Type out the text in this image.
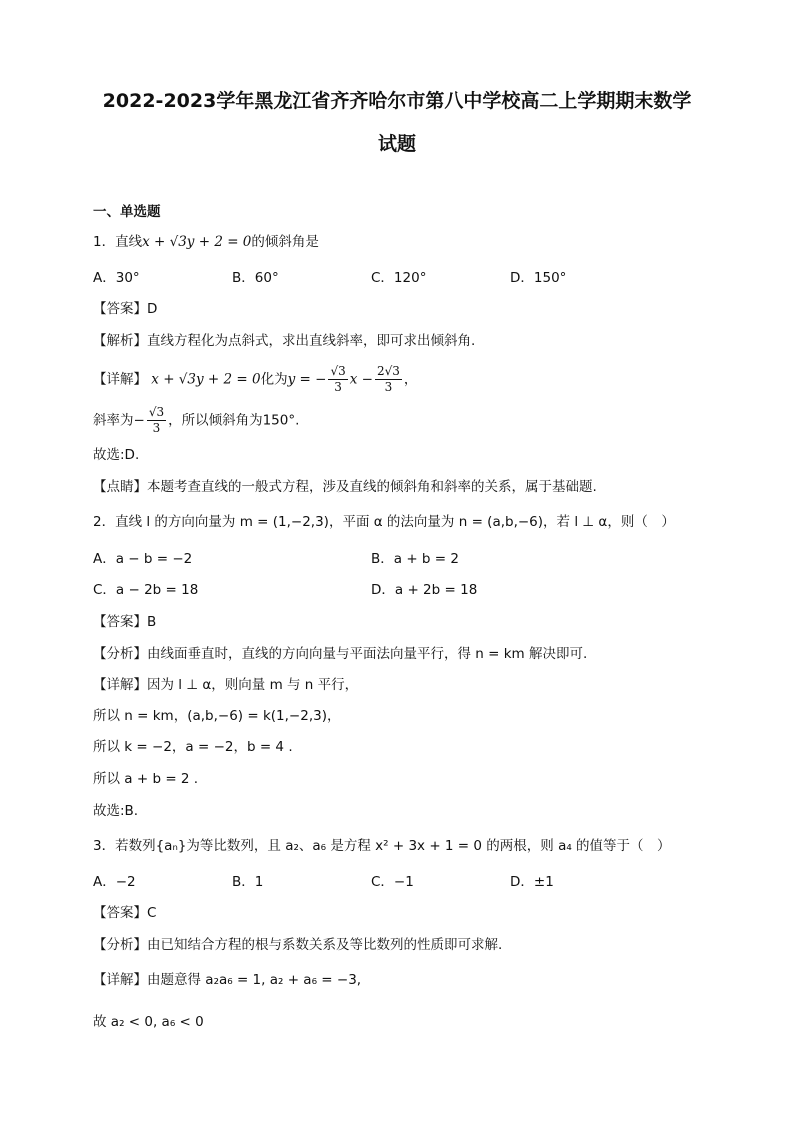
2022-2023学年黑龙江省齐齐哈尔市第八中学校高二上学期期末数学
试题
一、单选题
1．直线x + √3y + 2 = 0的倾斜角是
A．30°	B．60°	C．120°	D．150°
【答案】D
【解析】直线方程化为点斜式，求出直线斜率，即可求出倾斜角.
【详解】 x + √3y + 2 = 0化为y = − $\frac{√3}{3}$ $x - \frac{2√3}{3}$ ，
斜率为− $\frac{√3}{3}$ ，所以倾斜角为150°.
故选:D.
【点睛】本题考查直线的一般式方程，涉及直线的倾斜角和斜率的关系，属于基础题.
2．直线 l 的方向向量为 m = (1,−2,3)，平面 α 的法向量为 n = (a,b,−6)，若 l ⊥ α，则（　）
A．a − b = −2	B．a + b = 2
C．a − 2b = 18	D．a + 2b = 18
【答案】B
【分析】由线面垂直时，直线的方向向量与平面法向量平行，得 n = km 解决即可.
【详解】因为 l ⊥ α，则向量 m 与 n 平行，
所以 n = km，(a,b,−6) = k(1,−2,3)，
所以 k = −2，a = −2，b = 4 .
所以 a + b = 2 .
故选:B.
3．若数列{aₙ}为等比数列，且 a₂、a₆ 是方程 x² + 3x + 1 = 0 的两根，则 a₄ 的值等于（　）
A．−2	B．1	C．−1	D．±1
【答案】C
【分析】由已知结合方程的根与系数关系及等比数列的性质即可求解.
【详解】由题意得 a₂a₆ = 1, a₂ + a₆ = −3,
故 a₂ < 0, a₆ < 0
